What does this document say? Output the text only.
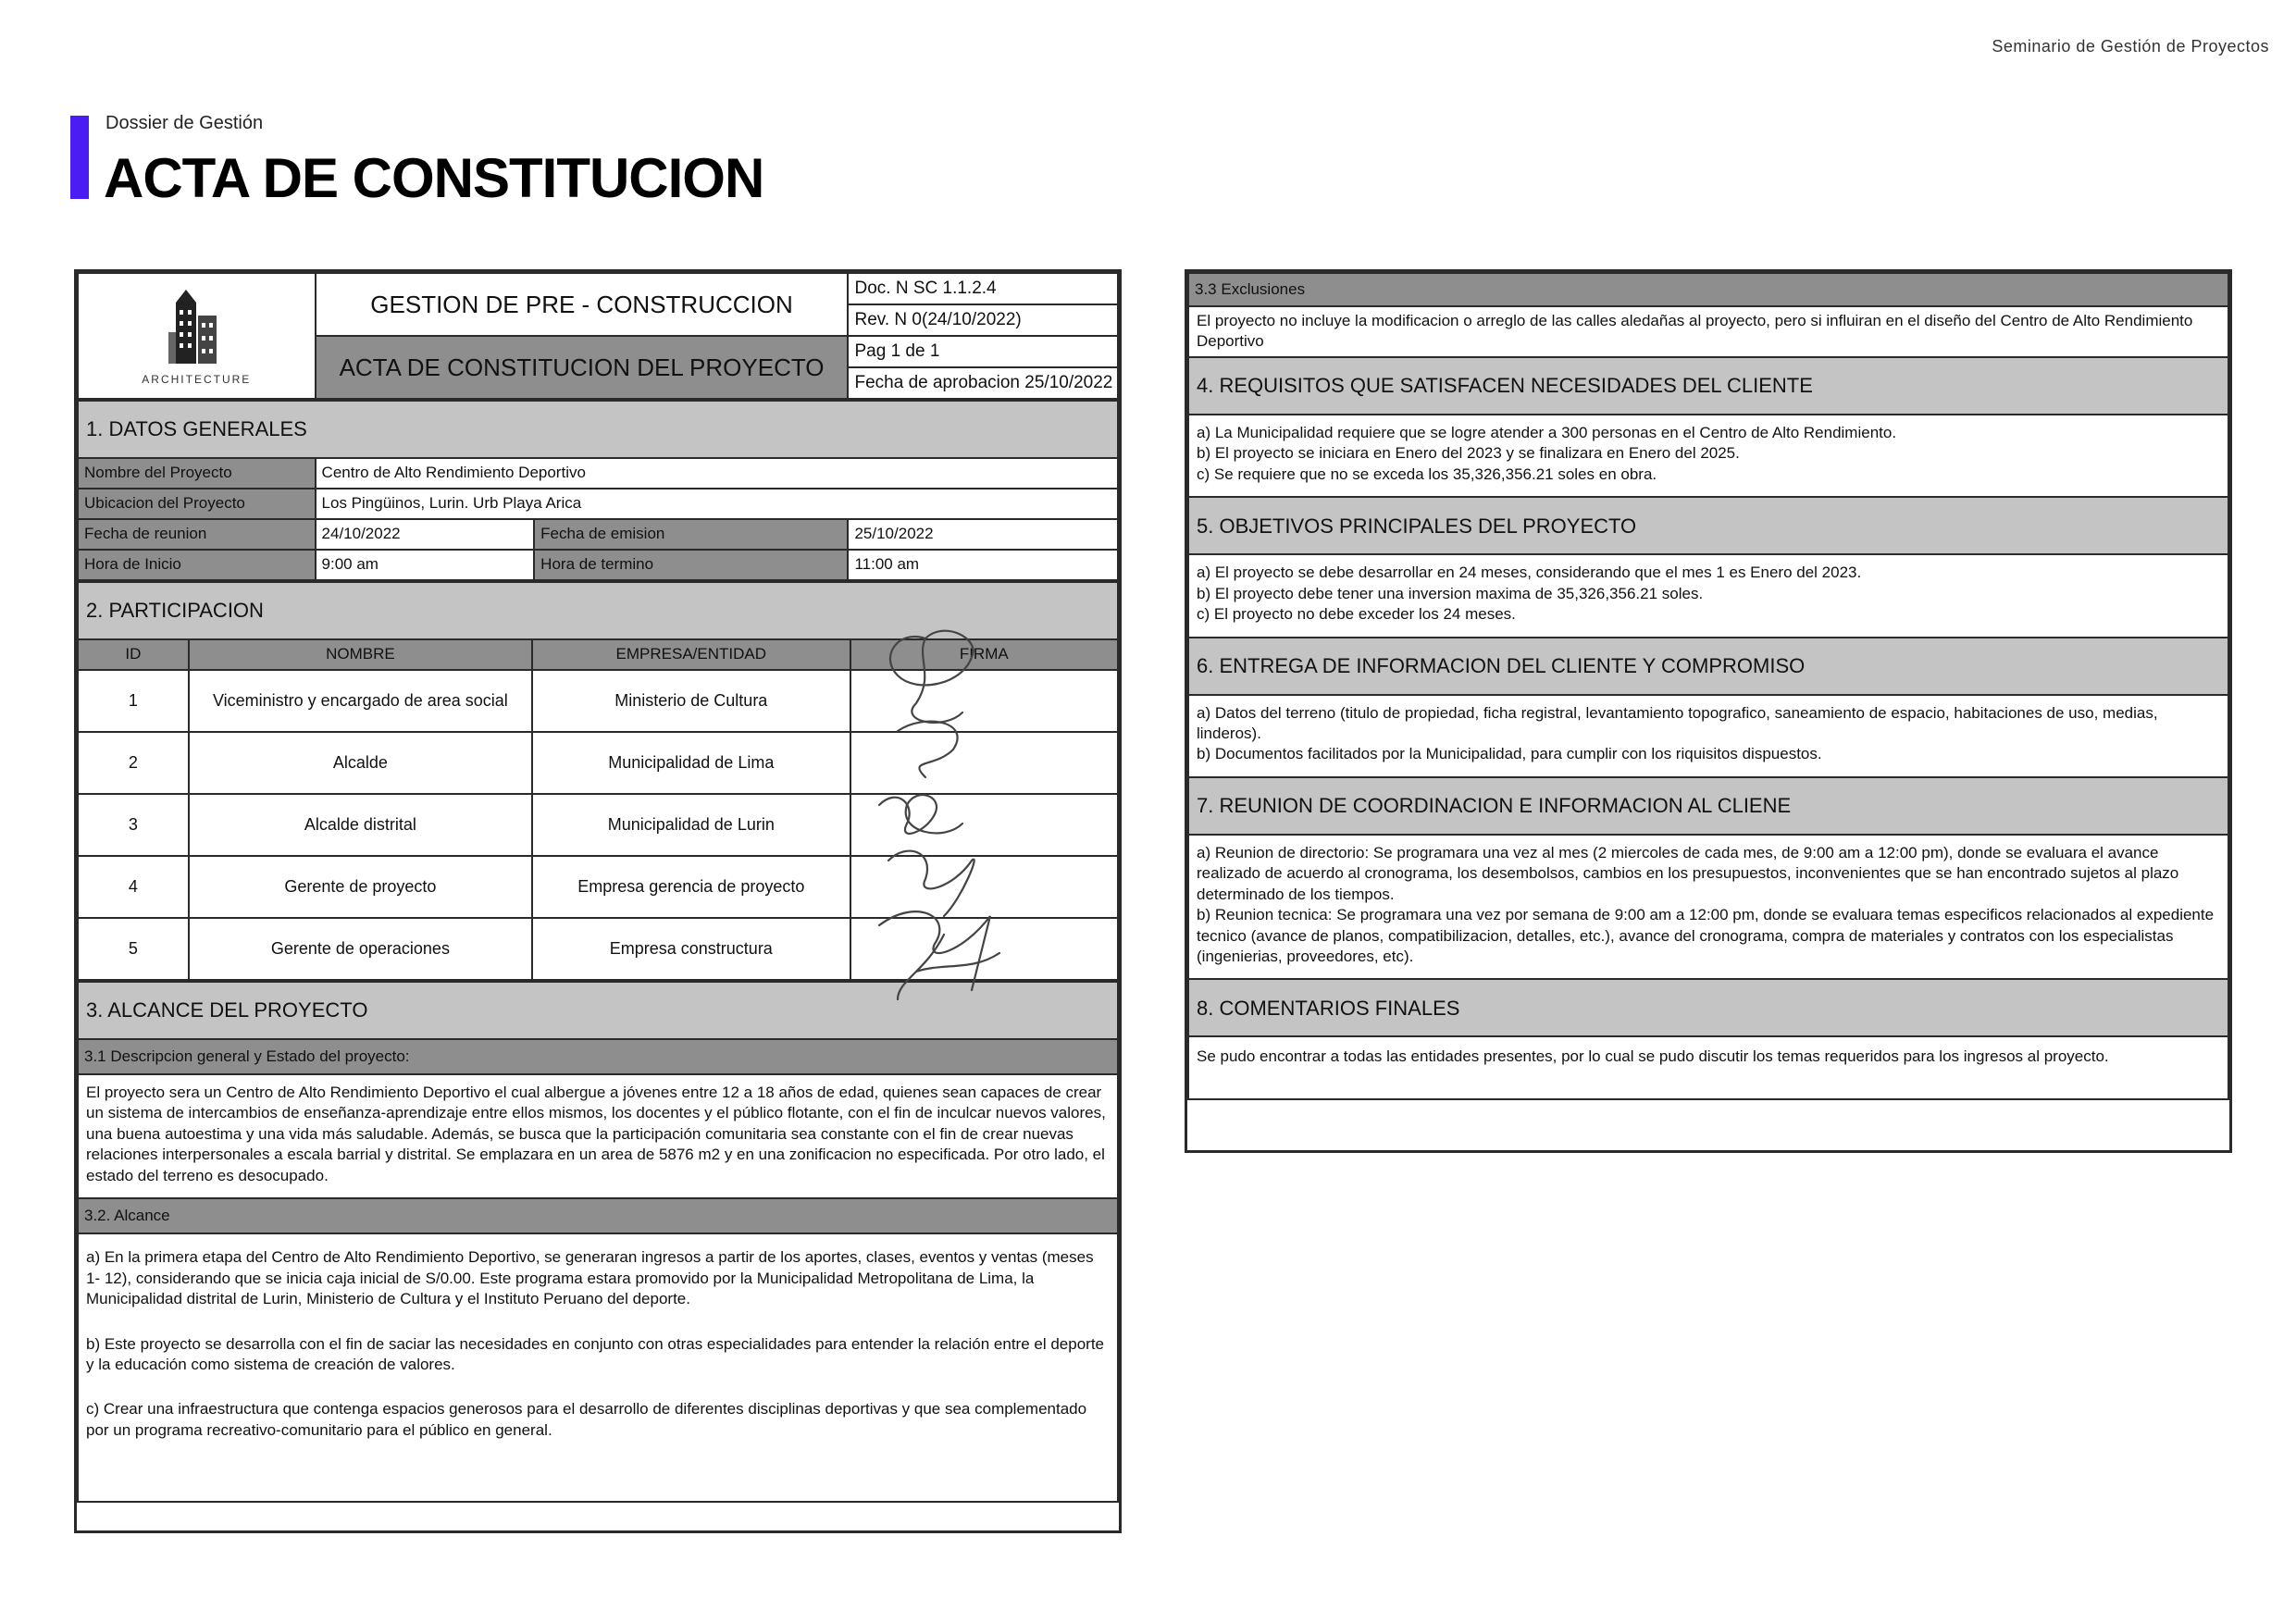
Seminario de Gestión de Proyectos
Dossier de Gestión
ACTA DE CONSTITUCION
ARCHITECTURE	GESTION DE PRE - CONSTRUCCION	Doc. N SC 1.1.2.4
		Rev. N 0(24/10/2022)
	ACTA DE CONSTITUCION DEL PROYECTO	Pag 1 de 1
		Fecha de aprobacion 25/10/2022
1. DATOS GENERALES			
Nombre del Proyecto	Centro de Alto Rendimiento Deportivo		
Ubicacion del Proyecto	Los Pingüinos, Lurin. Urb Playa Arica		
Fecha de reunion	24/10/2022	Fecha de emision	25/10/2022
Hora de Inicio	9:00 am	Hora de termino	11:00 am
2. PARTICIPACION			
ID	NOMBRE	EMPRESA/ENTIDAD	FIRMA
1	Viceministro y encargado de area social	Ministerio de Cultura	
2	Alcalde	Municipalidad de Lima	
3	Alcalde distrital	Municipalidad de Lurin	
4	Gerente de proyecto	Empresa gerencia de proyecto	
5	Gerente de operaciones	Empresa constructura	
3. ALCANCE DEL PROYECTO
3.1 Descripcion general y Estado del proyecto:
El proyecto sera un Centro de Alto Rendimiento Deportivo el cual albergue a jóvenes entre 12 a 18 años de edad, quienes sean capaces de crear un sistema de intercambios de enseñanza-aprendizaje entre ellos mismos, los docentes y el público flotante, con el fin de inculcar nuevos valores, una buena autoestima y una vida más saludable. Además, se busca que la participación comunitaria sea constante con el fin de crear nuevas relaciones interpersonales a escala barrial y distrital. Se emplazara en un area de 5876 m2 y en una zonificacion no especificada. Por otro lado, el estado del terreno es desocupado.
3.2. Alcance

a) En la primera etapa del Centro de Alto Rendimiento Deportivo, se generaran ingresos a partir de los aportes, clases, eventos y ventas (meses 1- 12), considerando que se inicia caja inicial de S/0.00. Este programa estara promovido por la Municipalidad Metropolitana de Lima, la Municipalidad distrital de Lurin, Ministerio de Cultura y el Instituto Peruano del deporte.

b) Este proyecto se desarrolla con el fin de saciar las necesidades en conjunto con otras especialidades para entender la relación entre el deporte y la educación como sistema de creación de valores.

c) Crear una infraestructura que contenga espacios generosos para el desarrollo de diferentes disciplinas deportivas y que sea complementado por un programa recreativo-comunitario para el público en general.

3.3 Exclusiones
El proyecto no incluye la modificacion o arreglo de las calles aledañas al proyecto, pero si influiran en el diseño del Centro de Alto Rendimiento Deportivo
4. REQUISITOS QUE SATISFACEN NECESIDADES DEL CLIENTE

a) La Municipalidad requiere que se logre atender a 300 personas en el Centro de Alto Rendimiento.

b) El proyecto se iniciara en Enero del 2023 y se finalizara en Enero del 2025.

c) Se requiere que no se exceda los 35,326,356.21 soles en obra.

5. OBJETIVOS PRINCIPALES DEL PROYECTO

a) El proyecto se debe desarrollar en 24 meses, considerando que el mes 1 es Enero del 2023.

b) El proyecto debe tener una inversion maxima de 35,326,356.21 soles.

c) El proyecto no debe exceder los 24 meses.

6. ENTREGA DE INFORMACION DEL CLIENTE Y COMPROMISO

a) Datos del terreno (titulo de propiedad, ficha registral, levantamiento topografico, saneamiento de espacio, habitaciones de uso, medias, linderos).

b) Documentos facilitados por la Municipalidad, para cumplir con los riquisitos dispuestos.

7. REUNION DE COORDINACION E INFORMACION AL CLIENE

a) Reunion de directorio: Se programara una vez al mes (2 miercoles de cada mes, de 9:00 am a 12:00 pm), donde se evaluara el avance realizado de acuerdo al cronograma, los desembolsos, cambios en los presupuestos, inconvenientes que se han encontrado sujetos al plazo determinado de los tiempos.

b) Reunion tecnica: Se programara una vez por semana de 9:00 am a 12:00 pm, donde se evaluara temas especificos relacionados al expediente tecnico (avance de planos, compatibilizacion, detalles, etc.), avance del cronograma, compra de materiales y contratos con los especialistas (ingenierias, proveedores, etc).

8. COMENTARIOS FINALES
Se pudo encontrar a todas las entidades presentes, por lo cual se pudo discutir los temas requeridos para los ingresos al proyecto.
